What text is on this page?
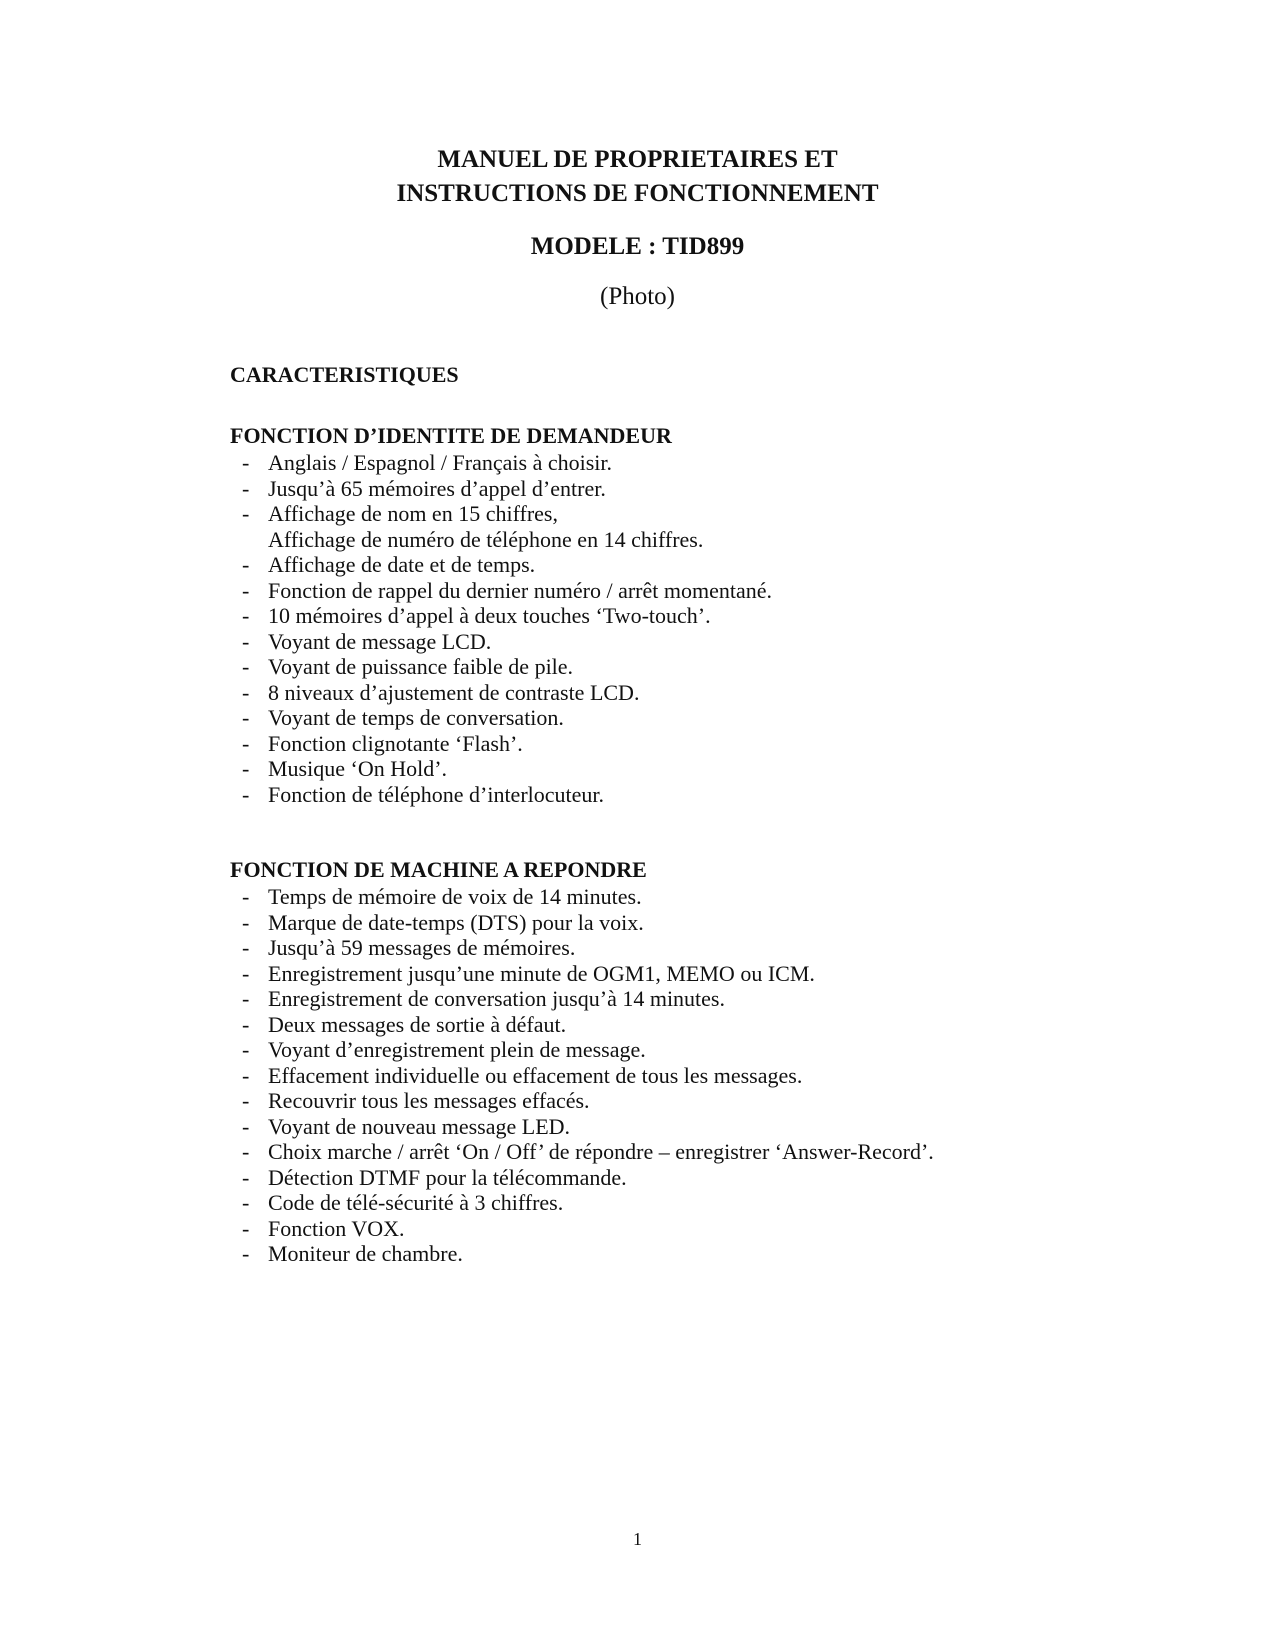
MANUEL DE PROPRIETAIRES ET
INSTRUCTIONS DE FONCTIONNEMENT
MODELE : TID899

(Photo)

CARACTERISTIQUES
FONCTION D’IDENTITE DE DEMANDEUR
- Anglais / Espagnol / Français à choisir.
- Jusqu’à 65 mémoires d’appel d’entrer.
- Affichage de nom en 15 chiffres,
Affichage de numéro de téléphone en 14 chiffres.
- Affichage de date et de temps.
- Fonction de rappel du dernier numéro / arrêt momentané.
- 10 mémoires d’appel à deux touches ‘Two-touch’.
- Voyant de message LCD.
- Voyant de puissance faible de pile.
- 8 niveaux d’ajustement de contraste LCD.
- Voyant de temps de conversation.
- Fonction clignotante ‘Flash’.
- Musique ‘On Hold’.
- Fonction de téléphone d’interlocuteur.
FONCTION DE MACHINE A REPONDRE
- Temps de mémoire de voix de 14 minutes.
- Marque de date-temps (DTS) pour la voix.
- Jusqu’à 59 messages de mémoires.
- Enregistrement jusqu’une minute de OGM1, MEMO ou ICM.
- Enregistrement de conversation jusqu’à 14 minutes.
- Deux messages de sortie à défaut.
- Voyant d’enregistrement plein de message.
- Effacement individuelle ou effacement de tous les messages.
- Recouvrir tous les messages effacés.
- Voyant de nouveau message LED.
- Choix marche / arrêt ‘On / Off’ de répondre – enregistrer ‘Answer-Record’.
- Détection DTMF pour la télécommande.
- Code de télé-sécurité à 3 chiffres.
- Fonction VOX.
- Moniteur de chambre.

1
